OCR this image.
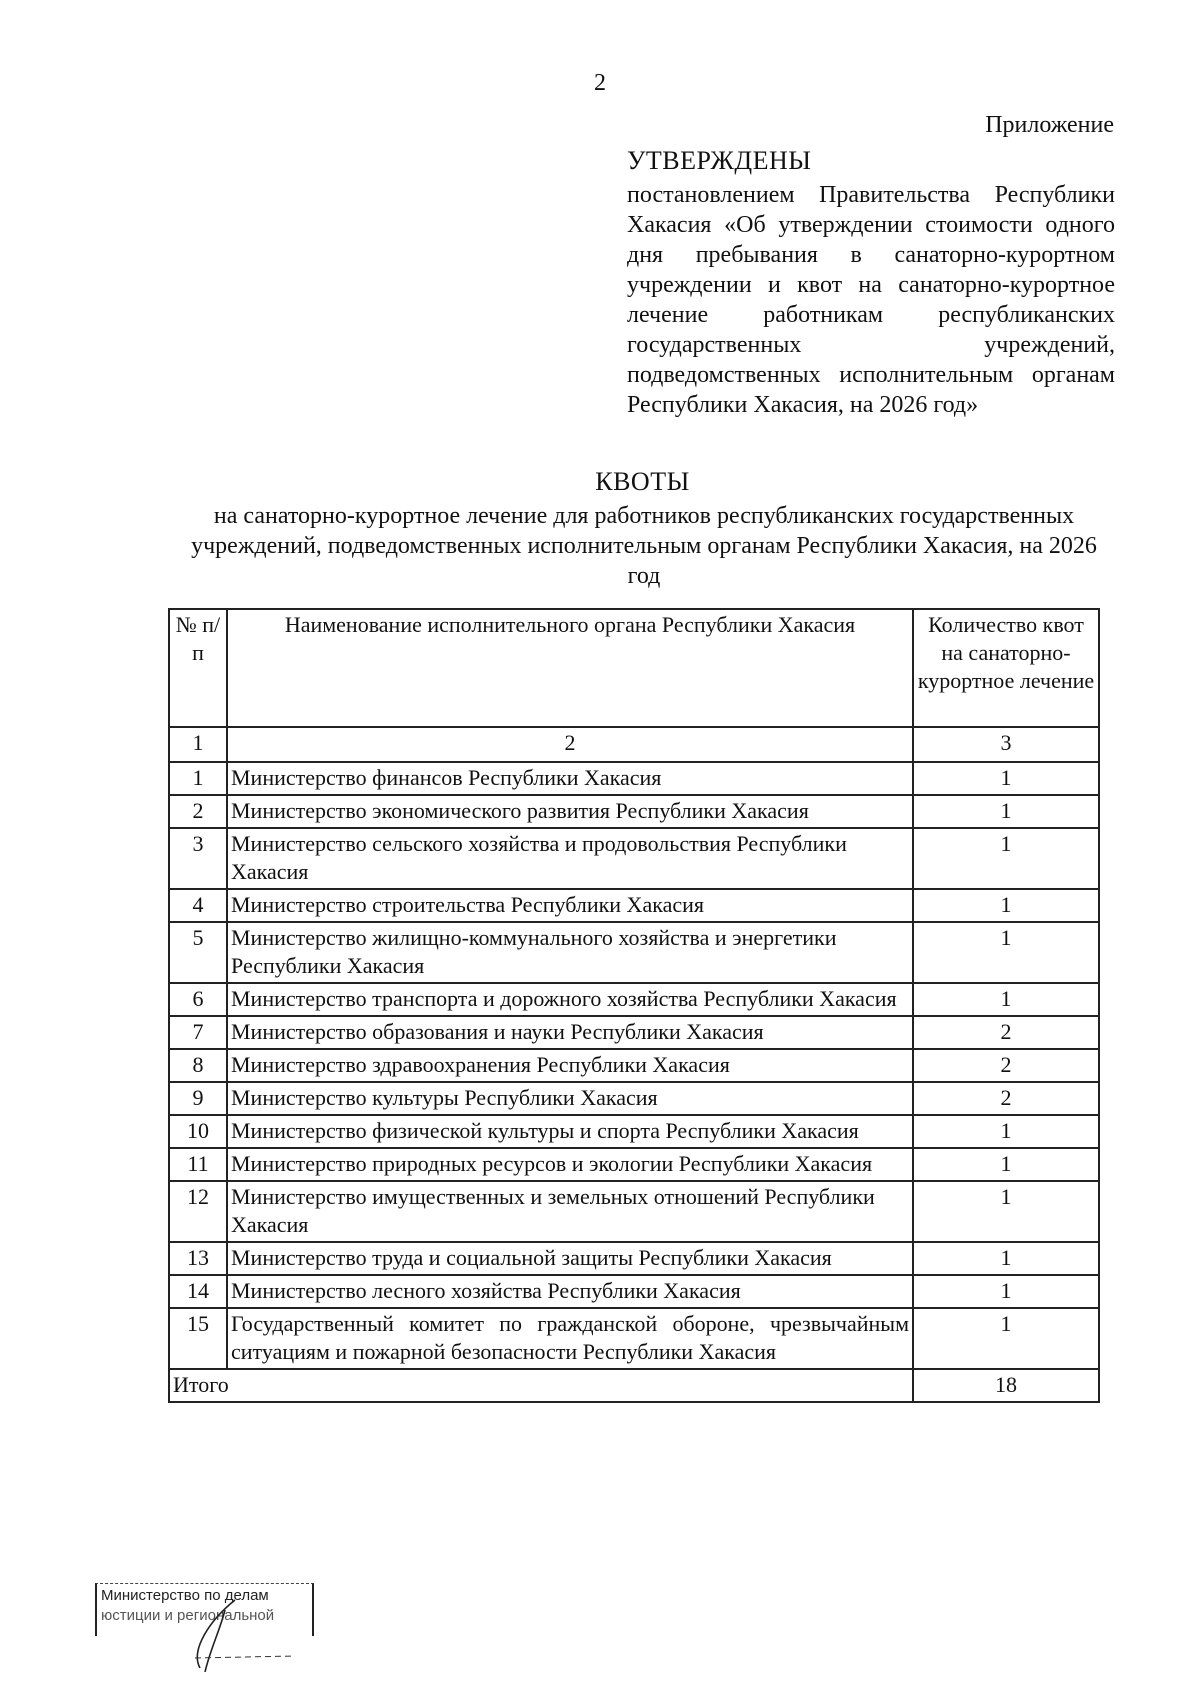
2
Приложение
УТВЕРЖДЕНЫ
постановлением Правительства Республики Хакасия «Об утверждении стоимости одного дня пребывания в санаторно-курортном учреждении и квот на санаторно-курортное лечение работникам республиканских государственных учреждений, подведомственных исполнительным органам Республики Хакасия, на 2026 год»
КВОТЫ
на санаторно-курортное лечение для работников республиканских государственных учреждений, подведомственных исполнительным органам Республики Хакасия, на 2026 год
№ п/п	Наименование исполнительного органа Республики Хакасия	Количество квот на санаторно-курортное лечение
1	2	3
1	Министерство финансов Республики Хакасия	1
2	Министерство экономического развития Республики Хакасия	1
3	Министерство сельского хозяйства и продовольствия Республики Хакасия	1
4	Министерство строительства Республики Хакасия	1
5	Министерство жилищно-коммунального хозяйства и энергетики Республики Хакасия	1
6	Министерство транспорта и дорожного хозяйства Республики Хакасия	1
7	Министерство образования и науки Республики Хакасия	2
8	Министерство здравоохранения Республики Хакасия	2
9	Министерство культуры Республики Хакасия	2
10	Министерство физической культуры и спорта Республики Хакасия	1
11	Министерство природных ресурсов и экологии Республики Хакасия	1
12	Министерство имущественных и земельных отношений Республики Хакасия	1
13	Министерство труда и социальной защиты Республики Хакасия	1
14	Министерство лесного хозяйства Республики Хакасия	1
15	Государственный комитет по гражданской обороне, чрезвычайным ситуациям и пожарной безопасности Республики Хакасия	1
Итого		18
Министерство по делам
юстиции и региональной
